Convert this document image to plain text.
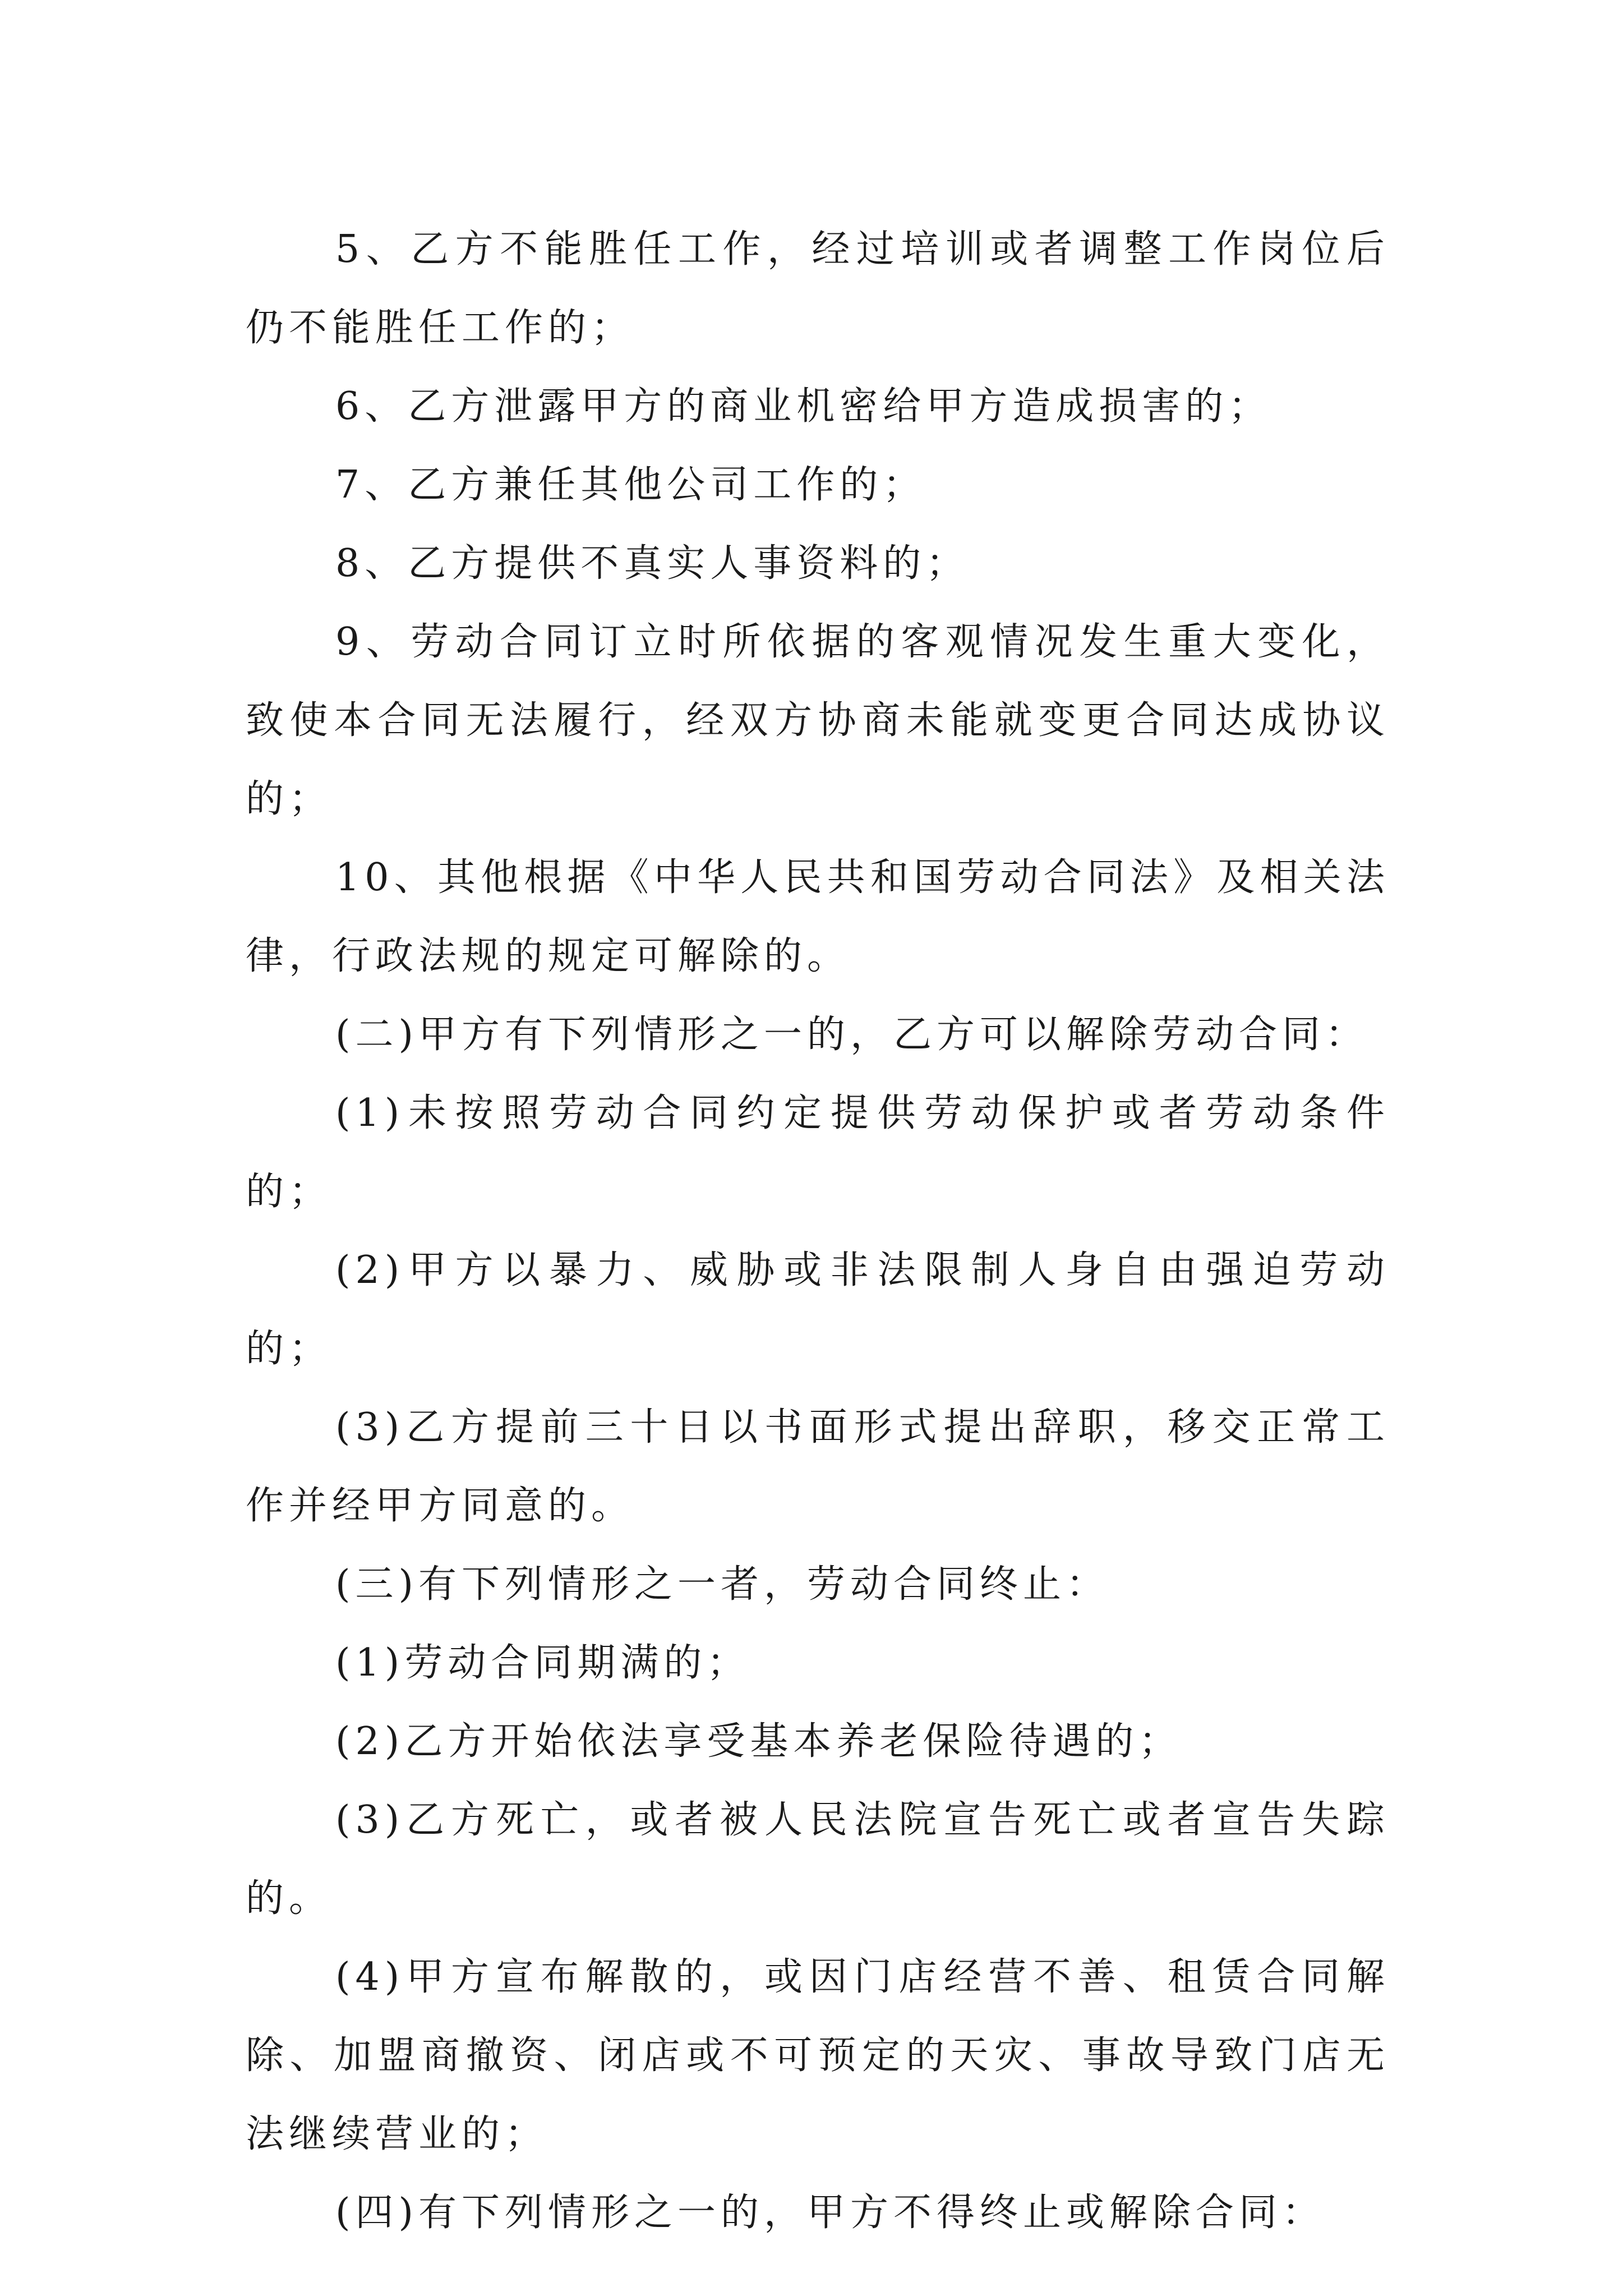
5、乙方不能胜任工作，经过培训或者调整工作岗位后仍不能胜任工作的；

6、乙方泄露甲方的商业机密给甲方造成损害的；

7、乙方兼任其他公司工作的；

8、乙方提供不真实人事资料的；

9、劳动合同订立时所依据的客观情况发生重大变化，致使本合同无法履行，经双方协商未能就变更合同达成协议的；

10、其他根据《中华人民共和国劳动合同法》及相关法律，行政法规的规定可解除的。

(二)甲方有下列情形之一的，乙方可以解除劳动合同：

(1)未按照劳动合同约定提供劳动保护或者劳动条件的；

(2)甲方以暴力、威胁或非法限制人身自由强迫劳动的；

(3)乙方提前三十日以书面形式提出辞职，移交正常工作并经甲方同意的。

(三)有下列情形之一者，劳动合同终止：

(1)劳动合同期满的；

(2)乙方开始依法享受基本养老保险待遇的；

(3)乙方死亡，或者被人民法院宣告死亡或者宣告失踪的。

(4)甲方宣布解散的，或因门店经营不善、租赁合同解除、加盟商撤资、闭店或不可预定的天灾、事故导致门店无法继续营业的；

(四)有下列情形之一的，甲方不得终止或解除合同：
